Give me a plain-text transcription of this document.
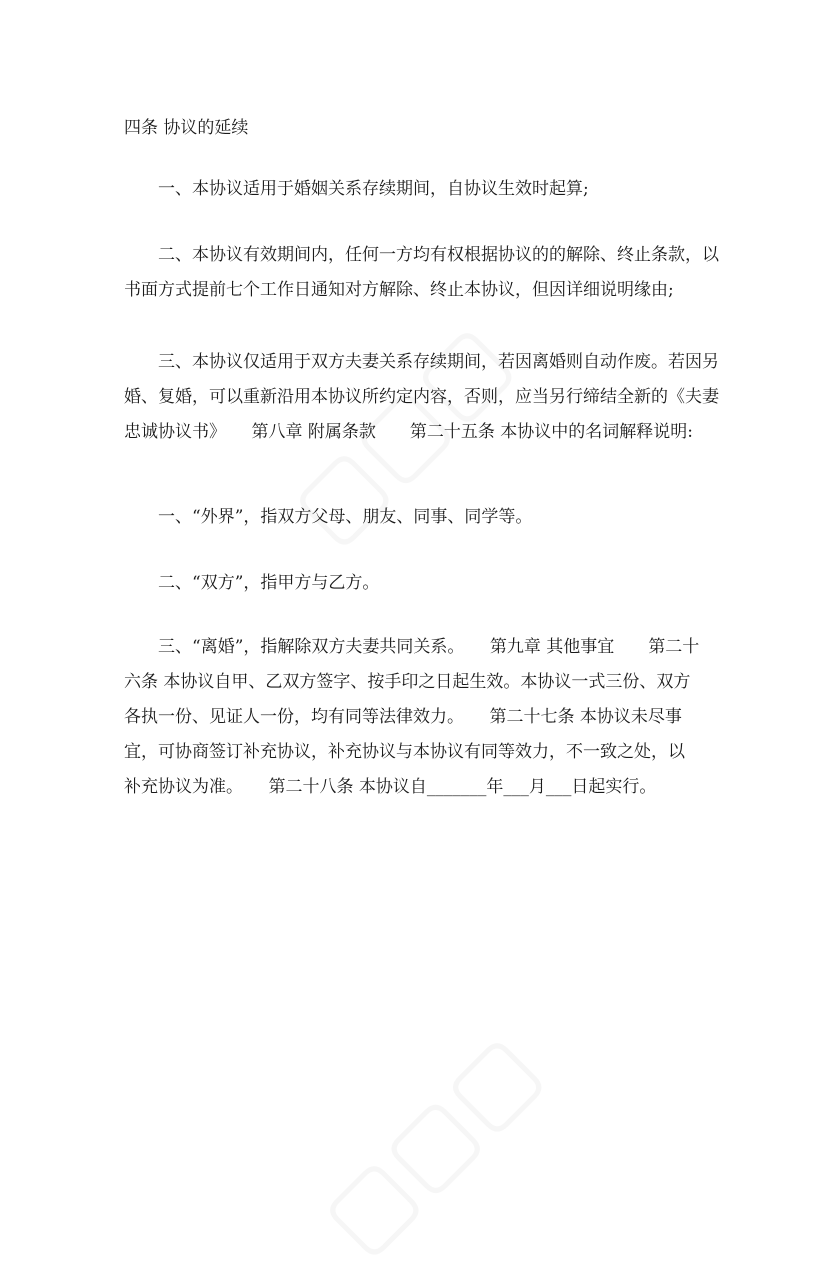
四条 协议的延续
一、本协议适用于婚姻关系存续期间，自协议生效时起算;
二、本协议有效期间内，任何一方均有权根据协议的的解除、终止条款，以
书面方式提前七个工作日通知对方解除、终止本协议，但因详细说明缘由;
三、本协议仅适用于双方夫妻关系存续期间，若因离婚则自动作废。若因另
婚、复婚，可以重新沿用本协议所约定内容，否则，应当另行缔结全新的《夫妻
忠诚协议书》　　第八章 附属条款　　第二十五条 本协议中的名词解释说明:
一、“外界”，指双方父母、朋友、同事、同学等。
二、“双方”，指甲方与乙方。
三、“离婚”，指解除双方夫妻共同关系。　　第九章 其他事宜　　第二十
六条 本协议自甲、乙双方签字、按手印之日起生效。本协议一式三份、双方
各执一份、见证人一份，均有同等法律效力。　　第二十七条 本协议未尽事
宜，可协商签订补充协议，补充协议与本协议有同等效力，不一致之处，以
补充协议为准。　　第二十八条 本协议自_______年___月___日起实行。
